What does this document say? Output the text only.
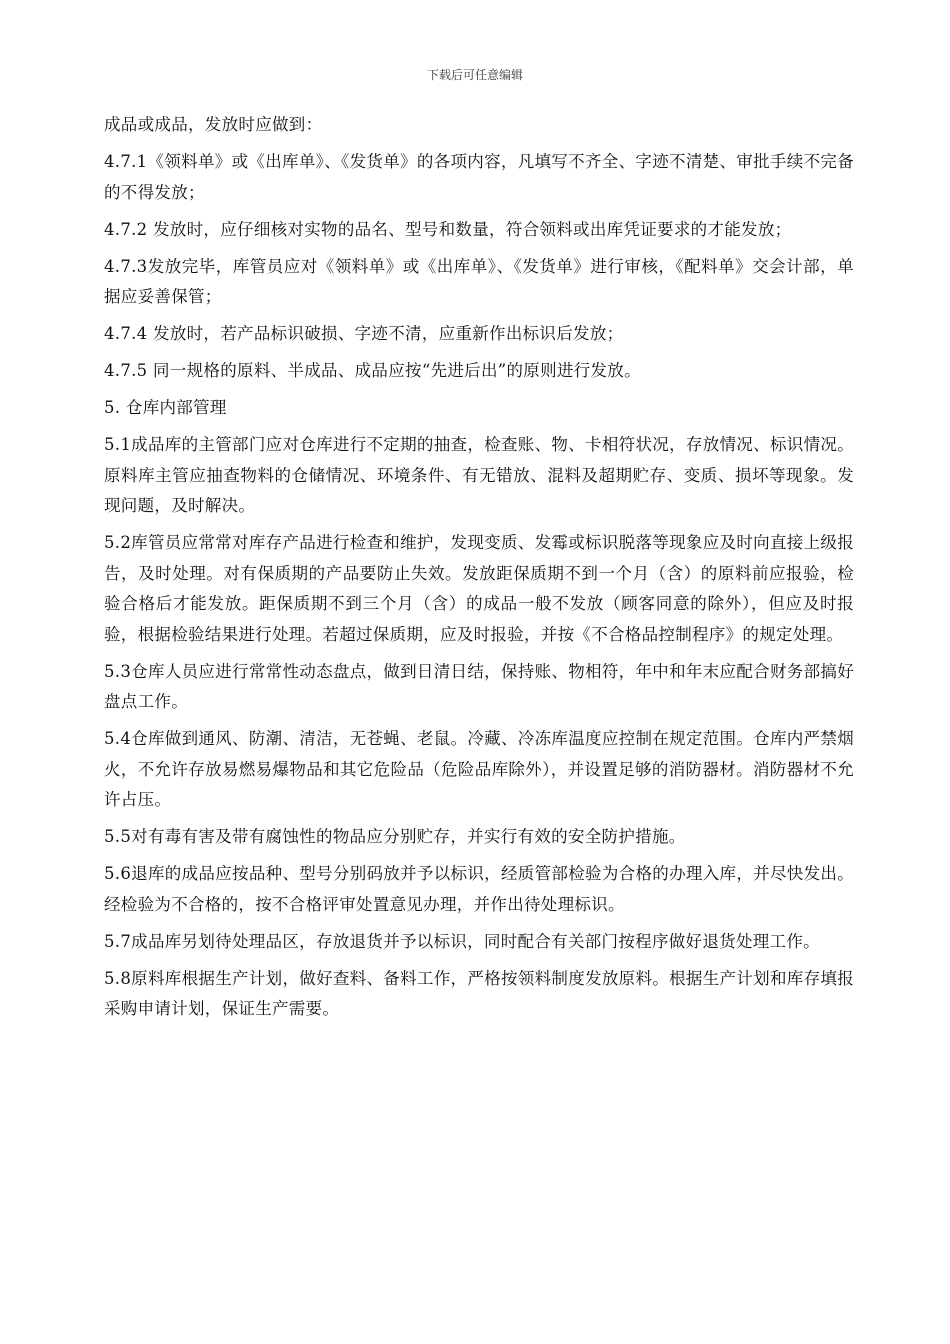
下载后可任意编辑

成品或成品，发放时应做到：

4.7.1《领料单》或《出库单》、《发货单》的各项内容，凡填写不齐全、字迹不清楚、审批手续不完备的不得发放；

4.7.2 发放时，应仔细核对实物的品名、型号和数量，符合领料或出库凭证要求的才能发放；

4.7.3发放完毕，库管员应对《领料单》或《出库单》、《发货单》进行审核，《配料单》交会计部，单据应妥善保管；

4.7.4 发放时，若产品标识破损、字迹不清，应重新作出标识后发放；

4.7.5 同一规格的原料、半成品、成品应按“先进后出”的原则进行发放。

5. 仓库内部管理

5.1成品库的主管部门应对仓库进行不定期的抽查，检查账、物、卡相符状况，存放情况、标识情况。原料库主管应抽查物料的仓储情况、环境条件、有无错放、混料及超期贮存、变质、损坏等现象。发现问题，及时解决。

5.2库管员应常常对库存产品进行检查和维护，发现变质、发霉或标识脱落等现象应及时向直接上级报告，及时处理。对有保质期的产品要防止失效。发放距保质期不到一个月（含）的原料前应报验，检验合格后才能发放。距保质期不到三个月（含）的成品一般不发放（顾客同意的除外），但应及时报验，根据检验结果进行处理。若超过保质期，应及时报验，并按《不合格品控制程序》的规定处理。

5.3仓库人员应进行常常性动态盘点，做到日清日结，保持账、物相符，年中和年末应配合财务部搞好盘点工作。

5.4仓库做到通风、防潮、清洁，无苍蝇、老鼠。冷藏、冷冻库温度应控制在规定范围。仓库内严禁烟火，不允许存放易燃易爆物品和其它危险品（危险品库除外），并设置足够的消防器材。消防器材不允许占压。

5.5对有毒有害及带有腐蚀性的物品应分别贮存，并实行有效的安全防护措施。

5.6退库的成品应按品种、型号分别码放并予以标识，经质管部检验为合格的办理入库，并尽快发出。经检验为不合格的，按不合格评审处置意见办理，并作出待处理标识。

5.7成品库另划待处理品区，存放退货并予以标识，同时配合有关部门按程序做好退货处理工作。

5.8原料库根据生产计划，做好查料、备料工作，严格按领料制度发放原料。根据生产计划和库存填报采购申请计划，保证生产需要。
